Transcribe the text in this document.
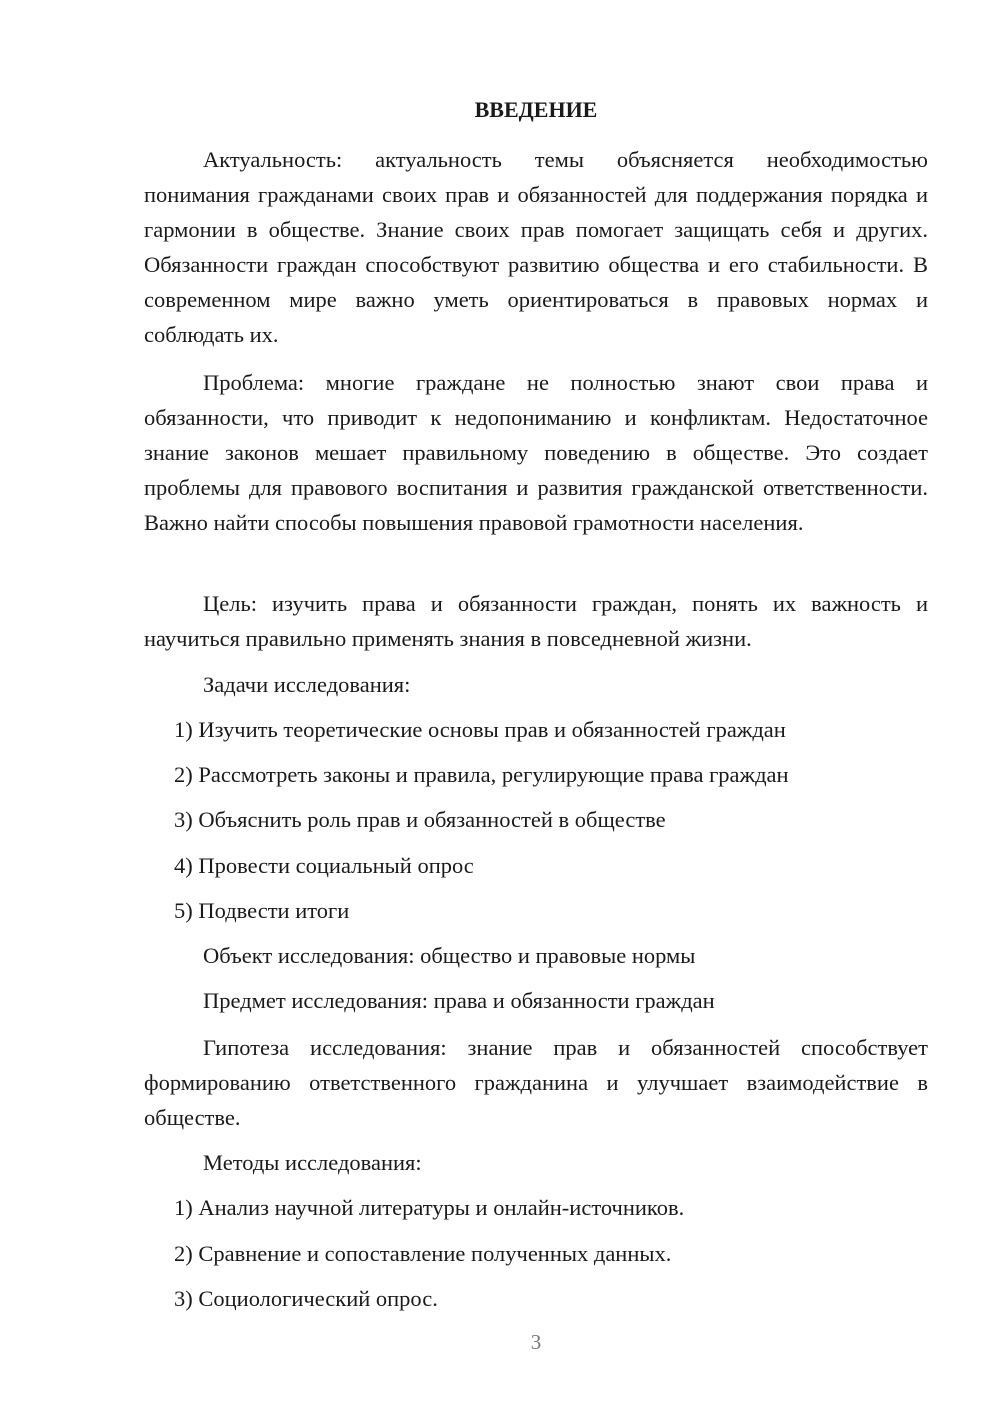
ВВЕДЕНИЕ

Актуальность: актуальность темы объясняется необходимостью понимания гражданами своих прав и обязанностей для поддержания порядка и гармонии в обществе. Знание своих прав помогает защищать себя и других. Обязанности граждан способствуют развитию общества и его стабильности. В современном мире важно уметь ориентироваться в правовых нормах и соблюдать их.

Проблема: многие граждане не полностью знают свои права и обязанности, что приводит к недопониманию и конфликтам. Недостаточное знание законов мешает правильному поведению в обществе. Это создает проблемы для правового воспитания и развития гражданской ответственности. Важно найти способы повышения правовой грамотности населения.

Цель: изучить права и обязанности граждан, понять их важность и научиться правильно применять знания в повседневной жизни.

Задачи исследования:

1) Изучить теоретические основы прав и обязанностей граждан

2) Рассмотреть законы и правила, регулирующие права граждан

3) Объяснить роль прав и обязанностей в обществе

4) Провести социальный опрос

5) Подвести итоги

Объект исследования: общество и правовые нормы

Предмет исследования: права и обязанности граждан

Гипотеза исследования: знание прав и обязанностей способствует формированию ответственного гражданина и улучшает взаимодействие в обществе.

Методы исследования:

1) Анализ научной литературы и онлайн-источников.

2) Сравнение и сопоставление полученных данных.

3) Социологический опрос.

3
